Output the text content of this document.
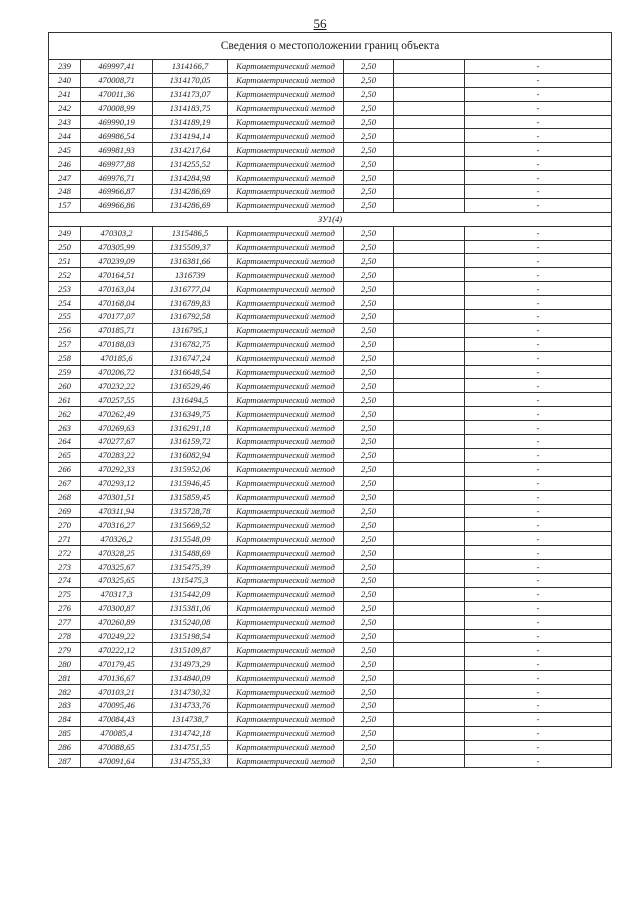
56
Сведения о местоположении границ объекта						
239	469997,41	1314166,7	Картометрический метод	2,50		-
240	470008,71	1314170,05	Картометрический метод	2,50		-
241	470011,36	1314173,07	Картометрический метод	2,50		-
242	470008,99	1314183,75	Картометрический метод	2,50		-
243	469990,19	1314189,19	Картометрический метод	2,50		-
244	469986,54	1314194,14	Картометрический метод	2,50		-
245	469981,93	1314217,64	Картометрический метод	2,50		-
246	469977,88	1314255,52	Картометрический метод	2,50		-
247	469976,71	1314284,98	Картометрический метод	2,50		-
248	469966,87	1314286,69	Картометрический метод	2,50		-
157	469966,86	1314286,69	Картометрический метод	2,50		-
ЗУ1(4)						
249	470303,2	1315486,5	Картометрический метод	2,50		-
250	470305,99	1315509,37	Картометрический метод	2,50		-
251	470239,09	1316381,66	Картометрический метод	2,50		-
252	470164,51	1316739	Картометрический метод	2,50		-
253	470163,04	1316777,04	Картометрический метод	2,50		-
254	470168,04	1316789,83	Картометрический метод	2,50		-
255	470177,07	1316792,58	Картометрический метод	2,50		-
256	470185,71	1316795,1	Картометрический метод	2,50		-
257	470188,03	1316782,75	Картометрический метод	2,50		-
258	470185,6	1316747,24	Картометрический метод	2,50		-
259	470206,72	1316648,54	Картометрический метод	2,50		-
260	470232,22	1316529,46	Картометрический метод	2,50		-
261	470257,55	1316494,5	Картометрический метод	2,50		-
262	470262,49	1316349,75	Картометрический метод	2,50		-
263	470269,63	1316291,18	Картометрический метод	2,50		-
264	470277,67	1316159,72	Картометрический метод	2,50		-
265	470283,22	1316082,94	Картометрический метод	2,50		-
266	470292,33	1315952,06	Картометрический метод	2,50		-
267	470293,12	1315946,45	Картометрический метод	2,50		-
268	470301,51	1315859,45	Картометрический метод	2,50		-
269	470311,94	1315728,78	Картометрический метод	2,50		-
270	470316,27	1315669,52	Картометрический метод	2,50		-
271	470326,2	1315548,09	Картометрический метод	2,50		-
272	470328,25	1315488,69	Картометрический метод	2,50		-
273	470325,67	1315475,39	Картометрический метод	2,50		-
274	470325,65	1315475,3	Картометрический метод	2,50		-
275	470317,3	1315442,09	Картометрический метод	2,50		-
276	470300,87	1315381,06	Картометрический метод	2,50		-
277	470260,89	1315240,08	Картометрический метод	2,50		-
278	470249,22	1315198,54	Картометрический метод	2,50		-
279	470222,12	1315109,87	Картометрический метод	2,50		-
280	470179,45	1314973,29	Картометрический метод	2,50		-
281	470136,67	1314840,09	Картометрический метод	2,50		-
282	470103,21	1314730,32	Картометрический метод	2,50		-
283	470095,46	1314733,76	Картометрический метод	2,50		-
284	470084,43	1314738,7	Картометрический метод	2,50		-
285	470085,4	1314742,18	Картометрический метод	2,50		-
286	470088,65	1314751,55	Картометрический метод	2,50		-
287	470091,64	1314755,33	Картометрический метод	2,50		-
